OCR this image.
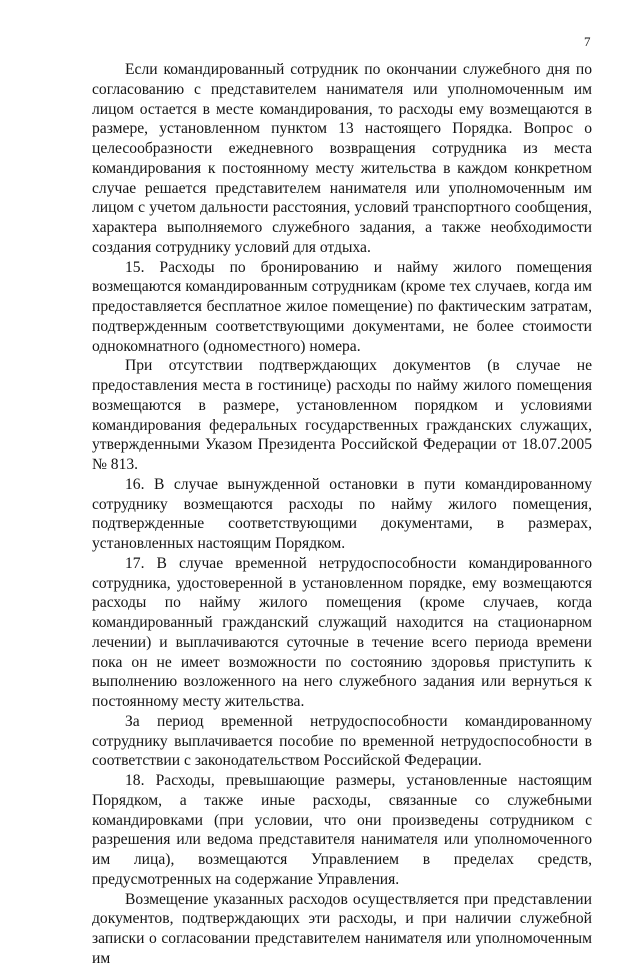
7

Если командированный сотрудник по окончании служебного дня по согласованию с представителем нанимателя или уполномоченным им лицом остается в месте командирования, то расходы ему возмещаются в размере, установленном пунктом 13 настоящего Порядка. Вопрос о целесообразности ежедневного возвращения сотрудника из места командирования к постоянному месту жительства в каждом конкретном случае решается представителем нанимателя или уполномоченным им лицом с учетом дальности расстояния, условий транспортного сообщения, характера выполняемого служебного задания, а также необходимости создания сотруднику условий для отдыха.

15. Расходы по бронированию и найму жилого помещения возмещаются командированным сотрудникам (кроме тех случаев, когда им предоставляется бесплатное жилое помещение) по фактическим затратам, подтвержденным соответствующими документами, не более стоимости однокомнатного (одноместного) номера.

При отсутствии подтверждающих документов (в случае не предоставления места в гостинице) расходы по найму жилого помещения возмещаются в размере, установленном порядком и условиями командирования федеральных государственных гражданских служащих, утвержденными Указом Президента Российской Федерации от 18.07.2005 № 813.

16. В случае вынужденной остановки в пути командированному сотруднику возмещаются расходы по найму жилого помещения, подтвержденные соответствующими документами, в размерах, установленных настоящим Порядком.

17. В случае временной нетрудоспособности командированного сотрудника, удостоверенной в установленном порядке, ему возмещаются расходы по найму жилого помещения (кроме случаев, когда командированный гражданский служащий находится на стационарном лечении) и выплачиваются суточные в течение всего периода времени пока он не имеет возможности по состоянию здоровья приступить к выполнению возложенного на него служебного задания или вернуться к постоянному месту жительства.

За период временной нетрудоспособности командированному сотруднику выплачивается пособие по временной нетрудоспособности в соответствии с законодательством Российской Федерации.

18. Расходы, превышающие размеры, установленные настоящим Порядком, а также иные расходы, связанные со служебными командировками (при условии, что они произведены сотрудником с разрешения или ведома представителя нанимателя или уполномоченного им лица), возмещаются Управлением в пределах средств, предусмотренных на содержание Управления.

Возмещение указанных расходов осуществляется при представлении документов, подтверждающих эти расходы, и при наличии служебной записки о согласовании представителем нанимателя или уполномоченным им
